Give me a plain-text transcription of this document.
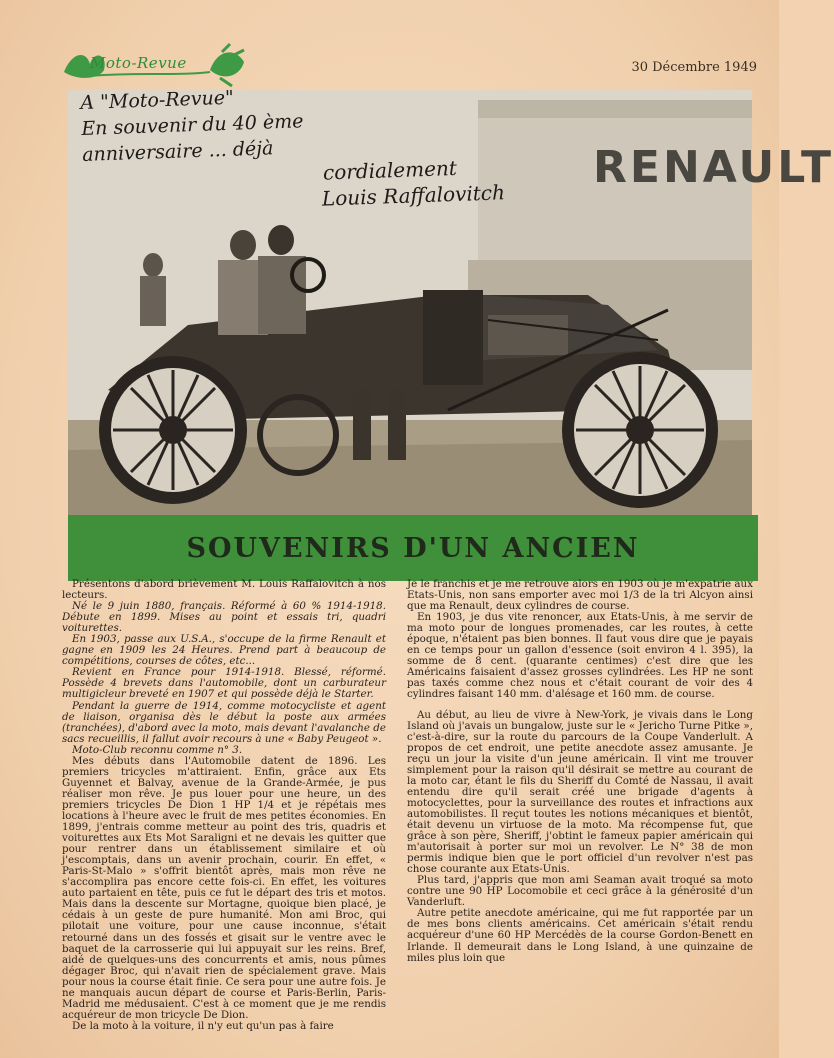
Moto-Revue	30 Décembre 1949
RENAULT
A "Moto-Revue"
En souvenir du 40 ème
anniversaire ... déjà
cordialement
Louis Raffalovitch
SOUVENIRS D'UN ANCIEN

Présentons d'abord brièvement M. Louis Raffalovitch à nos lecteurs.

Né le 9 juin 1880, français. Réformé à 60 % 1914-1918. Débute en 1899. Mises au point et essais tri, quadri voiturettes.

En 1903, passe aux U.S.A., s'occupe de la firme Renault et gagne en 1909 les 24 Heures. Prend part à beaucoup de compétitions, courses de côtes, etc...

Revient en France pour 1914-1918. Blessé, réformé. Possède 4 brevets dans l'automobile, dont un carburateur multigicleur breveté en 1907 et qui possède déjà le Starter.

Pendant la guerre de 1914, comme motocycliste et agent de liaison, organisa dès le début la poste aux armées (tranchées), d'abord avec la moto, mais devant l'avalanche de sacs recueillis, il fallut avoir recours à une « Baby Peugeot ».

Moto-Club reconnu comme n° 3.

Mes débuts dans l'Automobile datent de 1896. Les premiers tricycles m'attiraient. Enfin, grâce aux Ets Guyennet et Balvay, avenue de la Grande-Armée, je pus réaliser mon rêve. Je pus louer pour une heure, un des premiers tricycles De Dion 1 HP 1/4 et je répétais mes locations à l'heure avec le fruit de mes petites économies. En 1899, j'entrais comme metteur au point des tris, quadris et voiturettes aux Ets Mot Saraligni et ne devais les quitter que pour rentrer dans un établissement similaire et où j'escomptais, dans un avenir prochain, courir. En effet, « Paris-St-Malo » s'offrit bientôt après, mais mon rêve ne s'accomplira pas encore cette fois-ci. En effet, les voitures auto partaient en tête, puis ce fut le départ des tris et motos. Mais dans la descente sur Mortagne, quoique bien placé, je cédais à un geste de pure humanité. Mon ami Broc, qui pilotait une voiture, pour une cause inconnue, s'était retourné dans un des fossés et gisait sur le ventre avec le baquet de la carrosserie qui lui appuyait sur les reins. Bref, aidé de quelques-uns des concurrents et amis, nous pûmes dégager Broc, qui n'avait rien de spécialement grave. Mais pour nous la course était finie. Ce sera pour une autre fois. Je ne manquais aucun départ de course et Paris-Berlin, Paris-Madrid me médusaient. C'est à ce moment que je me rendis acquéreur de mon tricycle De Dion.

De la moto à la voiture, il n'y eut qu'un pas à faire

Je le franchis et je me retrouve alors en 1903 où je m'expatrie aux Etats-Unis, non sans emporter avec moi 1/3 de la tri Alcyon ainsi que ma Renault, deux cylindres de course.

En 1903, je dus vite renoncer, aux Etats-Unis, à me servir de ma moto pour de longues promenades, car les routes, à cette époque, n'étaient pas bien bonnes. Il faut vous dire que je payais en ce temps pour un gallon d'essence (soit environ 4 l. 395), la somme de 8 cent. (quarante centimes) c'est dire que les Américains faisaient d'assez grosses cylindrées. Les HP ne sont pas taxés comme chez nous et c'était courant de voir des 4 cylindres faisant 140 mm. d'alésage et 160 mm. de course.

Au début, au lieu de vivre à New-York, je vivais dans le Long Island où j'avais un bungalow, juste sur le « Jericho Turne Pitke », c'est-à-dire, sur la route du parcours de la Coupe Vanderlult. A propos de cet endroit, une petite anecdote assez amusante. Je reçu un jour la visite d'un jeune américain. Il vint me trouver simplement pour la raison qu'il désirait se mettre au courant de la moto car, étant le fils du Sheriff du Comté de Nassau, il avait entendu dire qu'il serait créé une brigade d'agents à motocyclettes, pour la surveillance des routes et infractions aux automobilistes. Il reçut toutes les notions mécaniques et bientôt, était devenu un virtuose de la moto. Ma récompense fut, que grâce à son père, Sheriff, j'obtint le fameux papier américain qui m'autorisait à porter sur moi un revolver. Le N° 38 de mon permis indique bien que le port officiel d'un revolver n'est pas chose courante aux Etats-Unis.

Plus tard, j'appris que mon ami Seaman avait troqué sa moto contre une 90 HP Locomobile et ceci grâce à la générosité d'un Vanderluft.

Autre petite anecdote américaine, qui me fut rapportée par un de mes bons clients américains. Cet américain s'était rendu acquéreur d'une 60 HP Mercédès de la course Gordon-Benett en Irlande. Il demeurait dans le Long Island, à une quinzaine de miles plus loin que
